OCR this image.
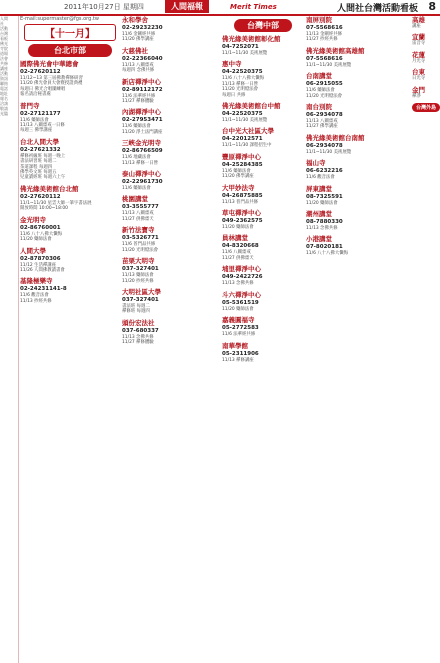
2011年10月27日 星期四	人間福報	Merit Times	人間社台灣活動看板 8
人間
社
活動
台灣
看板
佛光
寺院
道場
法會
共修
講座
活動
資訊
聯絡
電話
地址
報名
洽詢
敬請
光臨
E-mail:supermaster@fgs.org.tw
【十一月】
台北市部
國際佛光會中華總會
02-27620112
11/12~13 第三屆佛教禪修研習
11/20 佛光會員大會暨授證典禮
每週日 佛光合唱團練唱
報名請洽秘書處
普門寺
02-27121177
11/6 藥師法會
11/13 八關齋戒一日修
每週三 佛學講座
台北人間大學
02-27621332
禪修初級班 每週一晚上
書法研習班 每週二
茶道課程 每週四
佛學英文班 每週五
兒童讀經班 每週六上午
佛光緣美術館台北館
02-27620112
11/1~11/30 星雲大師一筆字書法展
開放時間 10:00~18:00
金光明寺
02-86760001
11/6 八十八佛大懺悔
11/20 藥師法會
人間大學
02-87870306
11/12 生活禪講座
11/26 人間佛教讀書會
基隆極樂寺
02-24231141-8
11/6 觀音法會
11/13 抄經共修
永和學舍
02-29232230
11/6 金剛經共修
11/20 佛學講座
大慈佛社
02-22366040
11/13 八關齋戒
每週四 念佛共修
新店禪淨中心
02-89112172
11/6 法華經共修
11/27 禪修體驗
內湖禪淨中心
02-27953471
11/6 藥師法會
11/20 淨土法門講座
三峽金光明寺
02-86766509
11/6 地藏法會
11/13 禪修一日營
泰山禪淨中心
02-22961730
11/6 藥師法會
桃園講堂
03-3555777
11/13 八關齋戒
11/27 供佛齋天
新竹法寶寺
03-5326771
11/6 普門品共修
11/20 光明燈法會
苗栗大明寺
037-327401
11/13 藥師法會
11/20 抄經共修
大明社區大學
037-327401
書法班 每週二
禪修班 每週四
頭份宏法社
037-680337
11/13 念佛共修
11/27 禪修體驗
台灣中部
佛光緣美術館彰化館
04-7252071
11/1~11/30 美術展覽
惠中寺
04-22520375
11/6 八十八佛大懺悔
11/13 禪修一日營
11/20 光明燈法會
每週日 共修
佛光緣美術館台中館
04-22520375
11/1~11/30 美術展覽
台中光大社區大學
04-22012571
11/1~11/30 課程招生中
豐原禪淨中心
04-25284385
11/6 藥師法會
11/20 佛學講座
大甲妙法寺
04-26875885
11/13 普門品共修
草屯禪淨中心
049-2362575
11/20 藥師法會
員林講堂
04-8320668
11/6 八關齋戒
11/27 供佛齋天
埔里禪淨中心
049-2422726
11/13 念佛共修
斗六禪淨中心
05-5361519
11/20 藥師法會
嘉義圓福寺
05-2772583
11/6 法華經共修
南華學館
05-2311906
11/13 禪修講座
南屏別院
07-5568616
11/13 金剛經共修
11/27 抄經共修
佛光緣美術館高雄館
07-5568616
11/1~11/30 美術展覽
台南講堂
06-2915055
11/6 藥師法會
11/20 光明燈法會
南台別院
06-2934078
11/13 八關齋戒
11/27 佛學講座
佛光緣美術館台南館
06-2934078
11/1~11/30 美術展覽
福山寺
06-6232216
11/6 觀音法會
屏東講堂
08-7325591
11/20 藥師法會
潮州講堂
08-7880330
11/13 念佛共修
小港講堂
07-8020181
11/6 八十八佛大懺悔
高雄
講座
宜蘭
雷音寺
花蓮
月光寺
台東
日光寺
金門
禪淨
台灣外島
